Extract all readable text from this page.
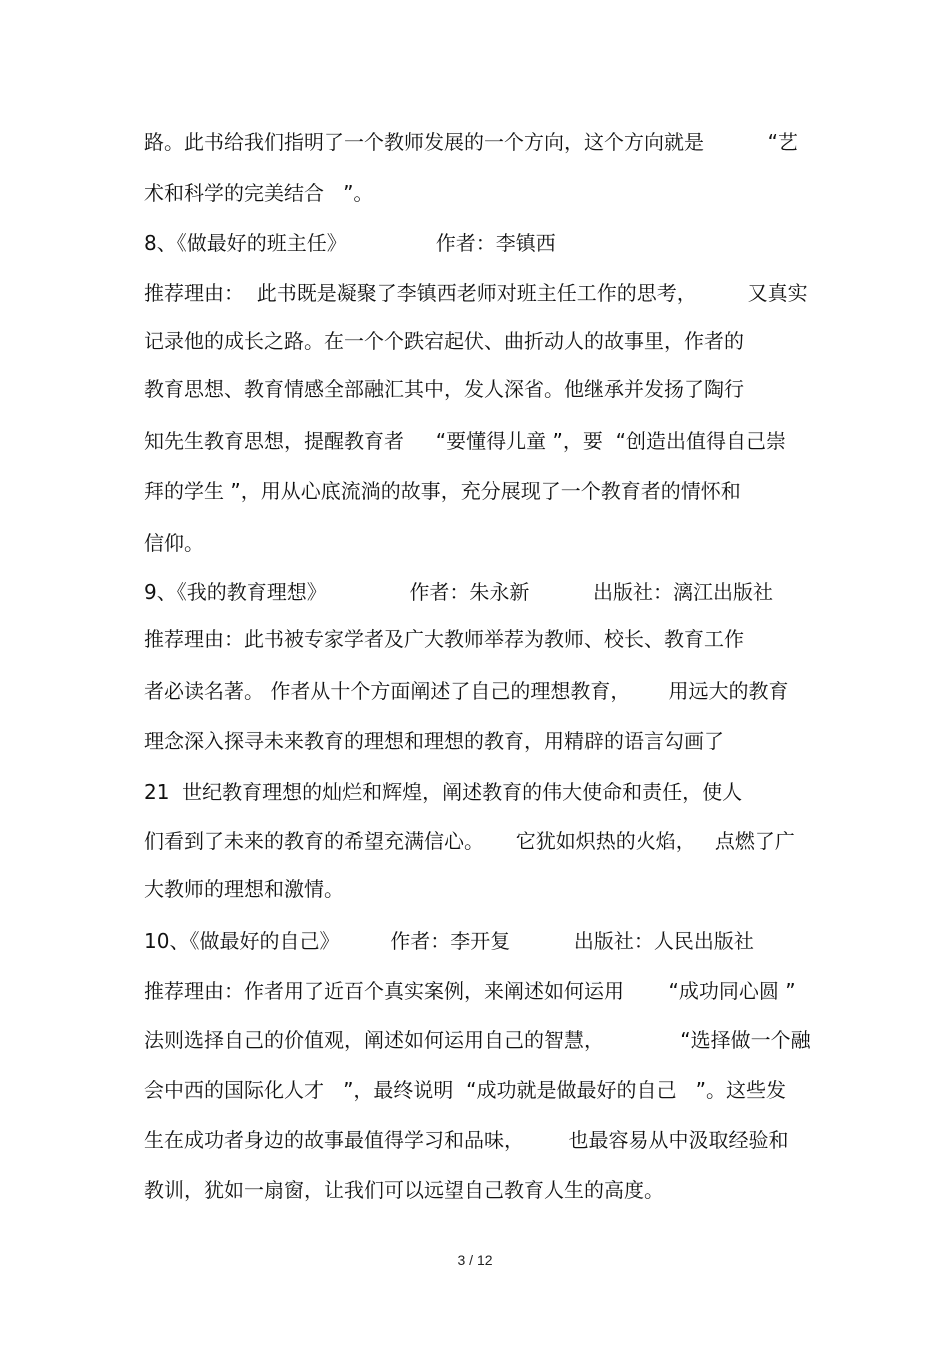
路。此书给我们指明了一个教师发展的一个方向，这个方向就是          “艺
术和科学的完美结合   ”。
8、《做最好的班主任》              作者：李镇西
推荐理由：  此书既是凝聚了李镇西老师对班主任工作的思考，        又真实
记录他的成长之路。在一个个跌宕起伏、曲折动人的故事里，作者的
教育思想、教育情感全部融汇其中，发人深省。他继承并发扬了陶行
知先生教育思想，提醒教育者     “要懂得儿童 ”，要  “创造出值得自己崇
拜的学生 ”，用从心底流淌的故事，充分展现了一个教育者的情怀和
信仰。
9、《我的教育理想》             作者：朱永新          出版社：漓江出版社
推荐理由：此书被专家学者及广大教师举荐为教师、校长、教育工作
者必读名著。 作者从十个方面阐述了自己的理想教育，      用远大的教育
理念深入探寻未来教育的理想和理想的教育，用精辟的语言勾画了
21  世纪教育理想的灿烂和辉煌，阐述教育的伟大使命和责任，使人
们看到了未来的教育的希望充满信心。     它犹如炽热的火焰，   点燃了广
大教师的理想和激情。
10、《做最好的自己》        作者：李开复          出版社：人民出版社
推荐理由：作者用了近百个真实案例，来阐述如何运用       “成功同心圆 ”
法则选择自己的价值观，阐述如何运用自己的智慧，            “选择做一个融
会中西的国际化人才   ”，最终说明  “成功就是做最好的自己   ”。这些发
生在成功者身边的故事最值得学习和品味，       也最容易从中汲取经验和
教训，犹如一扇窗，让我们可以远望自己教育人生的高度。
3 / 12
